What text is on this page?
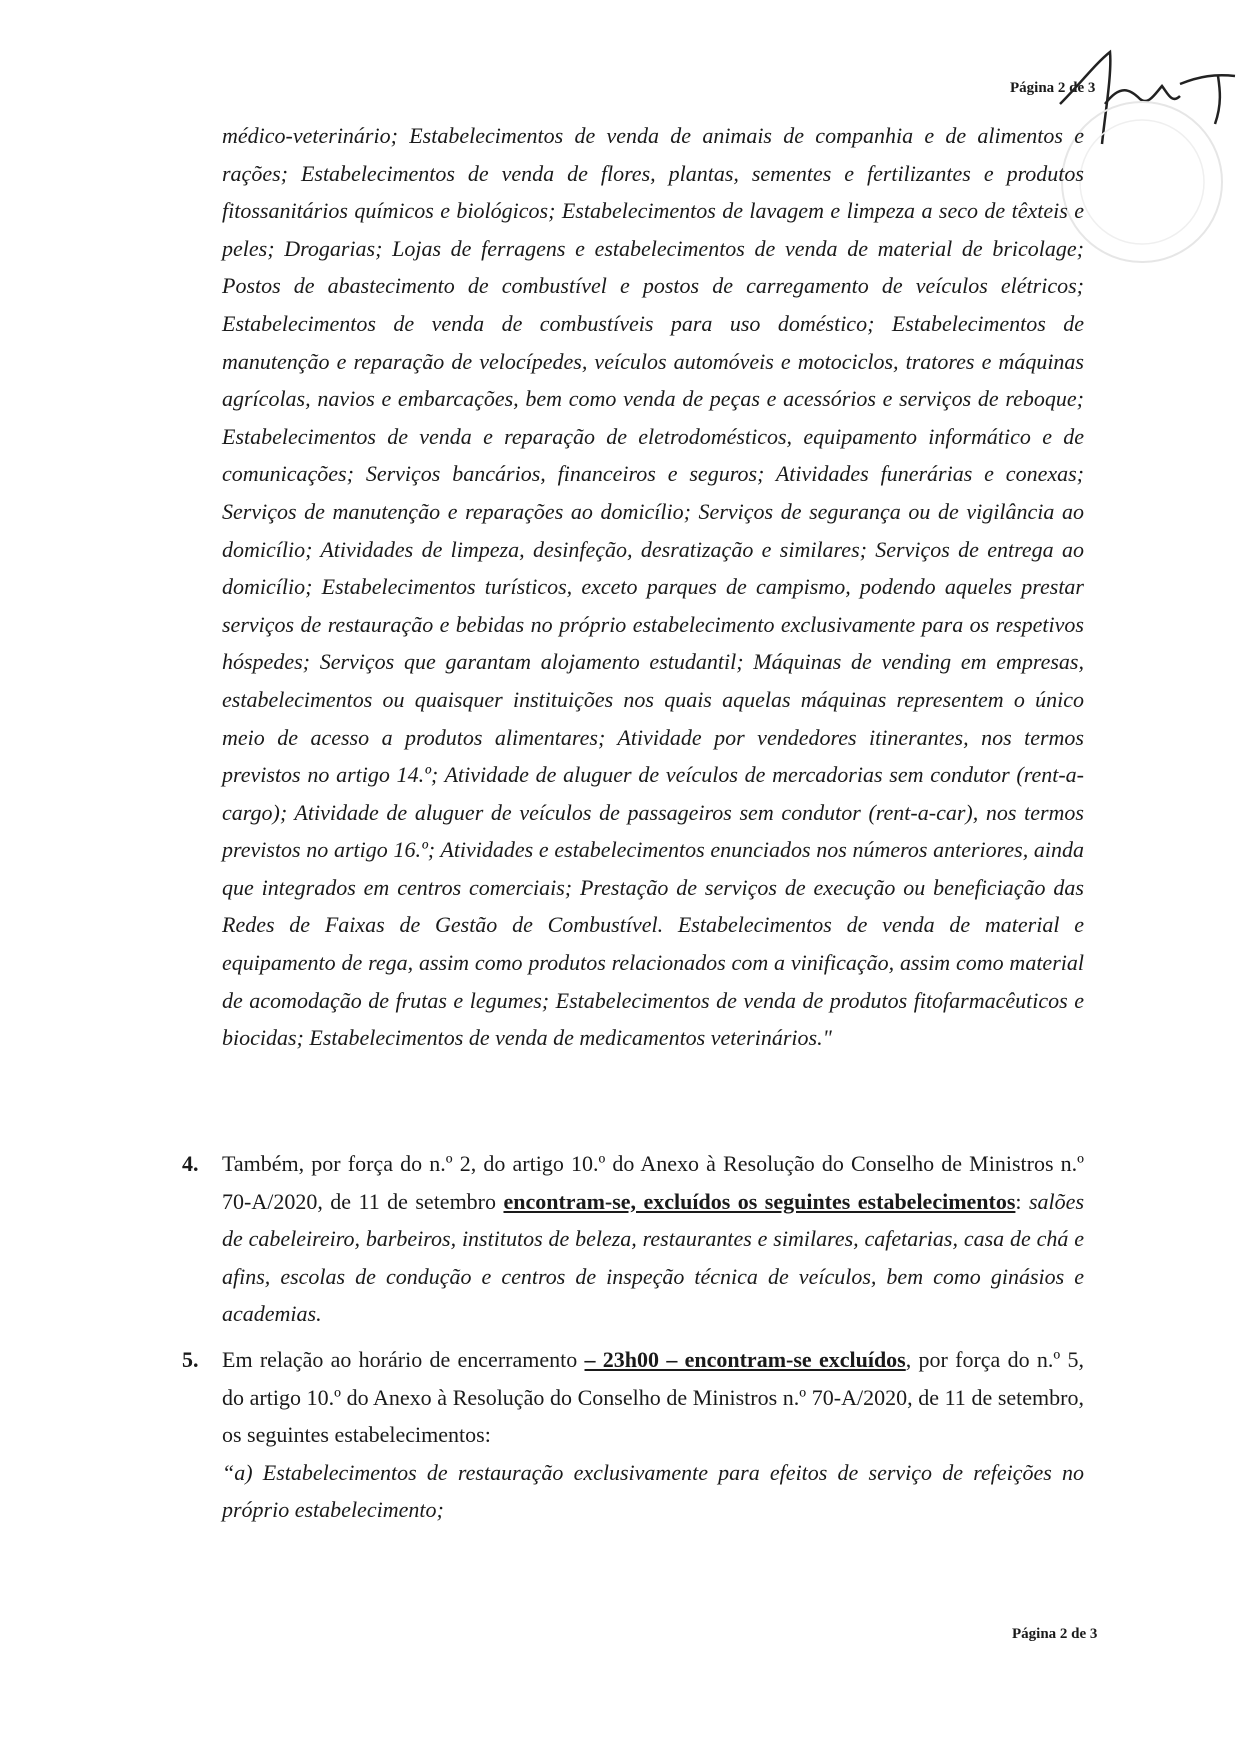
Página 2 de 3
médico-veterinário; Estabelecimentos de venda de animais de companhia e de alimentos e rações; Estabelecimentos de venda de flores, plantas, sementes e fertilizantes e produtos fitossanitários químicos e biológicos; Estabelecimentos de lavagem e limpeza a seco de têxteis e peles; Drogarias; Lojas de ferragens e estabelecimentos de venda de material de bricolage; Postos de abastecimento de combustível e postos de carregamento de veículos elétricos; Estabelecimentos de venda de combustíveis para uso doméstico; Estabelecimentos de manutenção e reparação de velocípedes, veículos automóveis e motociclos, tratores e máquinas agrícolas, navios e embarcações, bem como venda de peças e acessórios e serviços de reboque; Estabelecimentos de venda e reparação de eletrodomésticos, equipamento informático e de comunicações; Serviços bancários, financeiros e seguros; Atividades funerárias e conexas; Serviços de manutenção e reparações ao domicílio; Serviços de segurança ou de vigilância ao domicílio; Atividades de limpeza, desinfeção, desratização e similares; Serviços de entrega ao domicílio; Estabelecimentos turísticos, exceto parques de campismo, podendo aqueles prestar serviços de restauração e bebidas no próprio estabelecimento exclusivamente para os respetivos hóspedes; Serviços que garantam alojamento estudantil; Máquinas de vending em empresas, estabelecimentos ou quaisquer instituições nos quais aquelas máquinas representem o único meio de acesso a produtos alimentares; Atividade por vendedores itinerantes, nos termos previstos no artigo 14.º; Atividade de aluguer de veículos de mercadorias sem condutor (rent-a-cargo); Atividade de aluguer de veículos de passageiros sem condutor (rent-a-car), nos termos previstos no artigo 16.º; Atividades e estabelecimentos enunciados nos números anteriores, ainda que integrados em centros comerciais; Prestação de serviços de execução ou beneficiação das Redes de Faixas de Gestão de Combustível. Estabelecimentos de venda de material e equipamento de rega, assim como produtos relacionados com a vinificação, assim como material de acomodação de frutas e legumes; Estabelecimentos de venda de produtos fitofarmacêuticos e biocidas; Estabelecimentos de venda de medicamentos veterinários."
4.	Também, por força do n.º 2, do artigo 10.º do Anexo à Resolução do Conselho de Ministros n.º 70-A/2020, de 11 de setembro encontram-se, excluídos os seguintes estabelecimentos: salões de cabeleireiro, barbeiros, institutos de beleza, restaurantes e similares, cafetarias, casa de chá e afins, escolas de condução e centros de inspeção técnica de veículos, bem como ginásios e academias.
5.	Em relação ao horário de encerramento – 23h00 – encontram-se excluídos, por força do n.º 5, do artigo 10.º do Anexo à Resolução do Conselho de Ministros n.º 70-A/2020, de 11 de setembro, os seguintes estabelecimentos:
“a) Estabelecimentos de restauração exclusivamente para efeitos de serviço de refeições no próprio estabelecimento;
Página 2 de 3
